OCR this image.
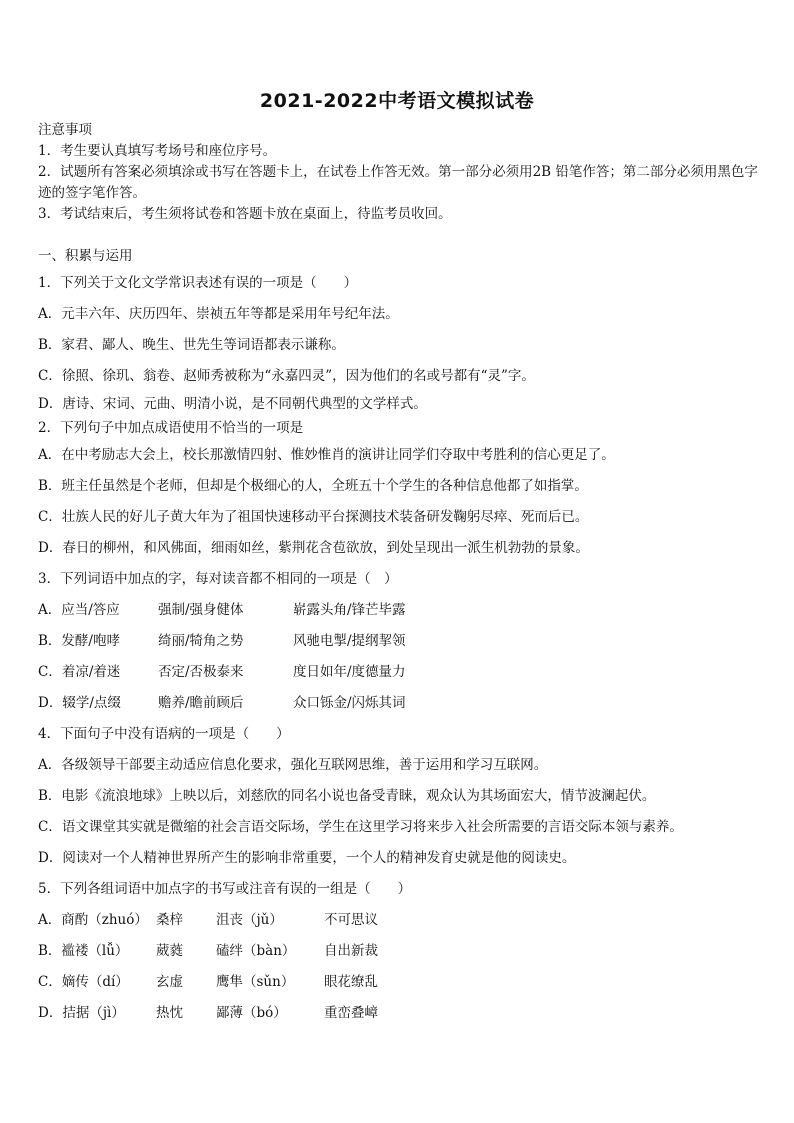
2021-2022中考语文模拟试卷
注意事项
1．考生要认真填写考场号和座位序号。
2．试题所有答案必须填涂或书写在答题卡上，在试卷上作答无效。第一部分必须用2B 铅笔作答；第二部分必须用黑色字迹的签字笔作答。
3．考试结束后，考生须将试卷和答题卡放在桌面上，待监考员收回。
一、积累与运用
1．下列关于文化文学常识表述有误的一项是（　　）
A．元丰六年、庆历四年、崇祯五年等都是采用年号纪年法。
B．家君、鄙人、晚生、世先生等词语都表示谦称。
C．徐照、徐玑、翁卷、赵师秀被称为“永嘉四灵”，因为他们的名或号都有“灵”字。
D．唐诗、宋词、元曲、明清小说，是不同朝代典型的文学样式。
2．下列句子中加点成语使用不恰当的一项是
A．在中考励志大会上，校长那激情四射、惟妙惟肖的演讲让同学们夺取中考胜利的信心更足了。
B．班主任虽然是个老师，但却是个极细心的人，全班五十个学生的各种信息他都了如指掌。
C．壮族人民的好儿子黄大年为了祖国快速移动平台探测技术装备研发鞠躬尽瘁、死而后已。
D．春日的柳州，和风佛面，细雨如丝，紫荆花含苞欲放，到处呈现出一派生机勃勃的景象。
3．下列词语中加点的字，每对读音都不相同的一项是（　）
A．应当/答应	强制/强身健体	崭露头角/锋芒毕露
B．发酵/咆哮	绮丽/犄角之势	风驰电掣/提纲挈领
C．着凉/着迷	否定/否极泰来	度日如年/度德量力
D．辍学/点缀	赡养/瞻前顾后	众口铄金/闪烁其词
4．下面句子中没有语病的一项是（　　）
A．各级领导干部要主动适应信息化要求，强化互联网思维，善于运用和学习互联网。
B．电影《流浪地球》上映以后，刘慈欣的同名小说也备受青睐，观众认为其场面宏大，情节波澜起伏。
C．语文课堂其实就是微缩的社会言语交际场，学生在这里学习将来步入社会所需要的言语交际本领与素养。
D．阅读对一个人精神世界所产生的影响非常重要，一个人的精神发育史就是他的阅读史。
5．下列各组词语中加点字的书写或注音有误的一组是（　　）
A．商酌（zhuó） 桑梓	沮丧（jǔ）	不可思议
B．褴褛（lǚ）	葳蕤	磕绊（bàn）	自出新裁
C．嫡传（dí）	玄虚	鹰隼（sǔn）	眼花缭乱
D．拮据（jì）	热忱	鄙薄（bó）	重峦叠嶂
